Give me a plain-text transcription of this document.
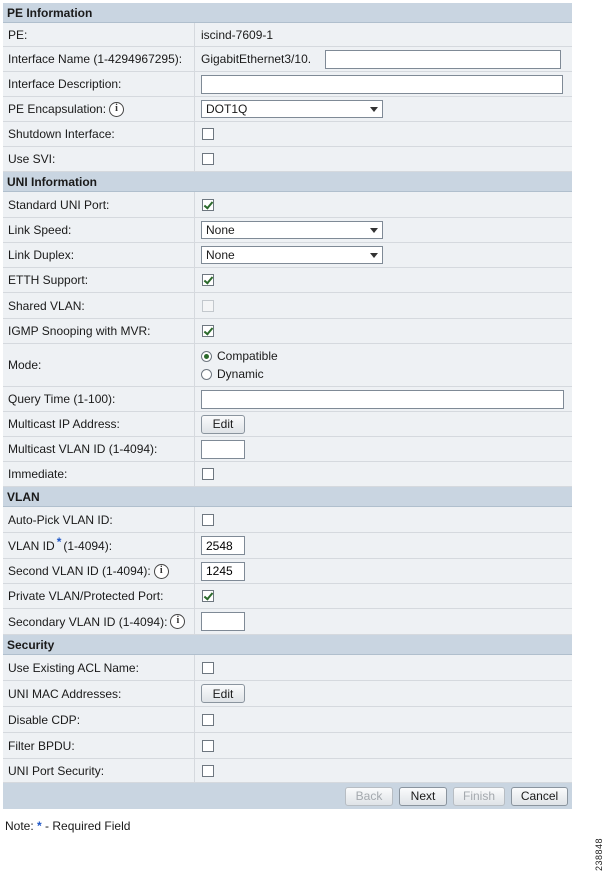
PE Information
PE:	iscind-7609-1
Interface Name (1-4294967295):	GigabitEthernet3/10.
Interface Description:
PE Encapsulation: i	DOT1Q
Shutdown Interface:
Use SVI:
UNI Information
Standard UNI Port:
Link Speed:	None
Link Duplex:	None
ETTH Support:
Shared VLAN:
IGMP Snooping with MVR:
Mode:
Compatible
Dynamic
Query Time (1-100):
Multicast IP Address:	Edit
Multicast VLAN ID (1-4094):
Immediate:
VLAN
Auto-Pick VLAN ID:
VLAN ID * (1-4094):
2548
Second VLAN ID (1-4094): i
1245
Private VLAN/Protected Port:
Secondary VLAN ID (1-4094): i
Security
Use Existing ACL Name:
UNI MAC Addresses:	Edit
Disable CDP:
Filter BPDU:
UNI Port Security:
Back	Next	Finish	Cancel
Note: * - Required Field
238848
